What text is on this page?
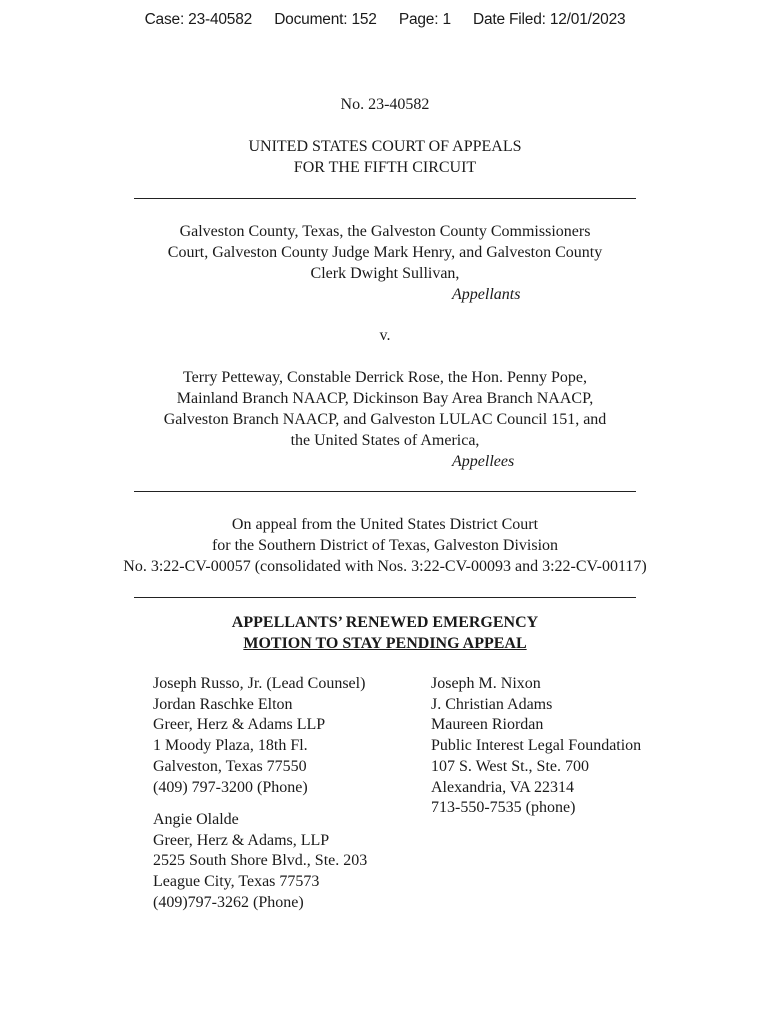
Case: 23-40582 Document: 152 Page: 1 Date Filed: 12/01/2023
No. 23-40582
UNITED STATES COURT OF APPEALS
FOR THE FIFTH CIRCUIT
Galveston County, Texas, the Galveston County Commissioners
Court, Galveston County Judge Mark Henry, and Galveston County
Clerk Dwight Sullivan,
Appellants
v.
Terry Petteway, Constable Derrick Rose, the Hon. Penny Pope,
Mainland Branch NAACP, Dickinson Bay Area Branch NAACP,
Galveston Branch NAACP, and Galveston LULAC Council 151, and
the United States of America,
Appellees
On appeal from the United States District Court
for the Southern District of Texas, Galveston Division
No. 3:22-CV-00057 (consolidated with Nos. 3:22-CV-00093 and 3:22-CV-00117)
APPELLANTS’ RENEWED EMERGENCY
MOTION TO STAY PENDING APPEAL
Joseph Russo, Jr. (Lead Counsel)
Jordan Raschke Elton
Greer, Herz & Adams LLP
1 Moody Plaza, 18th Fl.
Galveston, Texas 77550
(409) 797-3200 (Phone)
Angie Olalde
Greer, Herz & Adams, LLP
2525 South Shore Blvd., Ste. 203
League City, Texas 77573
(409)797-3262 (Phone)
Joseph M. Nixon
J. Christian Adams
Maureen Riordan
Public Interest Legal Foundation
107 S. West St., Ste. 700
Alexandria, VA 22314
713-550-7535 (phone)
